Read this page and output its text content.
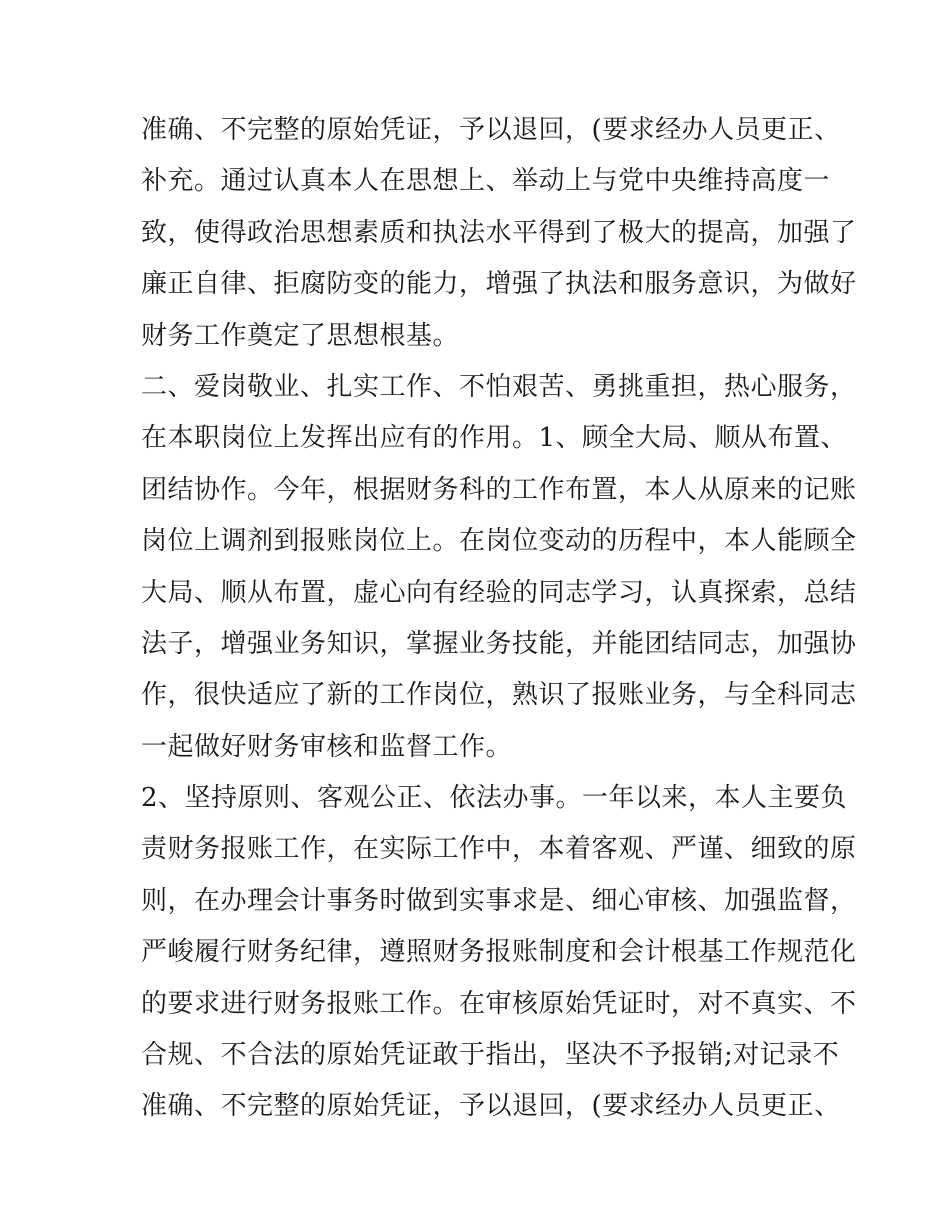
准确、不完整的原始凭证，予以退回，(要求经办人员更正、
补充。通过认真本人在思想上、举动上与党中央维持高度一
致，使得政治思想素质和执法水平得到了极大的提高，加强了
廉正自律、拒腐防变的能力，增强了执法和服务意识，为做好
财务工作奠定了思想根基。
二、爱岗敬业、扎实工作、不怕艰苦、勇挑重担，热心服务，
在本职岗位上发挥出应有的作用。1、顾全大局、顺从布置、
团结协作。今年，根据财务科的工作布置，本人从原来的记账
岗位上调剂到报账岗位上。在岗位变动的历程中，本人能顾全
大局、顺从布置，虚心向有经验的同志学习，认真探索，总结
法子，增强业务知识，掌握业务技能，并能团结同志，加强协
作，很快适应了新的工作岗位，熟识了报账业务，与全科同志
一起做好财务审核和监督工作。
2、坚持原则、客观公正、依法办事。一年以来，本人主要负
责财务报账工作，在实际工作中，本着客观、严谨、细致的原
则，在办理会计事务时做到实事求是、细心审核、加强监督，
严峻履行财务纪律，遵照财务报账制度和会计根基工作规范化
的要求进行财务报账工作。在审核原始凭证时，对不真实、不
合规、不合法的原始凭证敢于指出，坚决不予报销;对记录不
准确、不完整的原始凭证，予以退回，(要求经办人员更正、
